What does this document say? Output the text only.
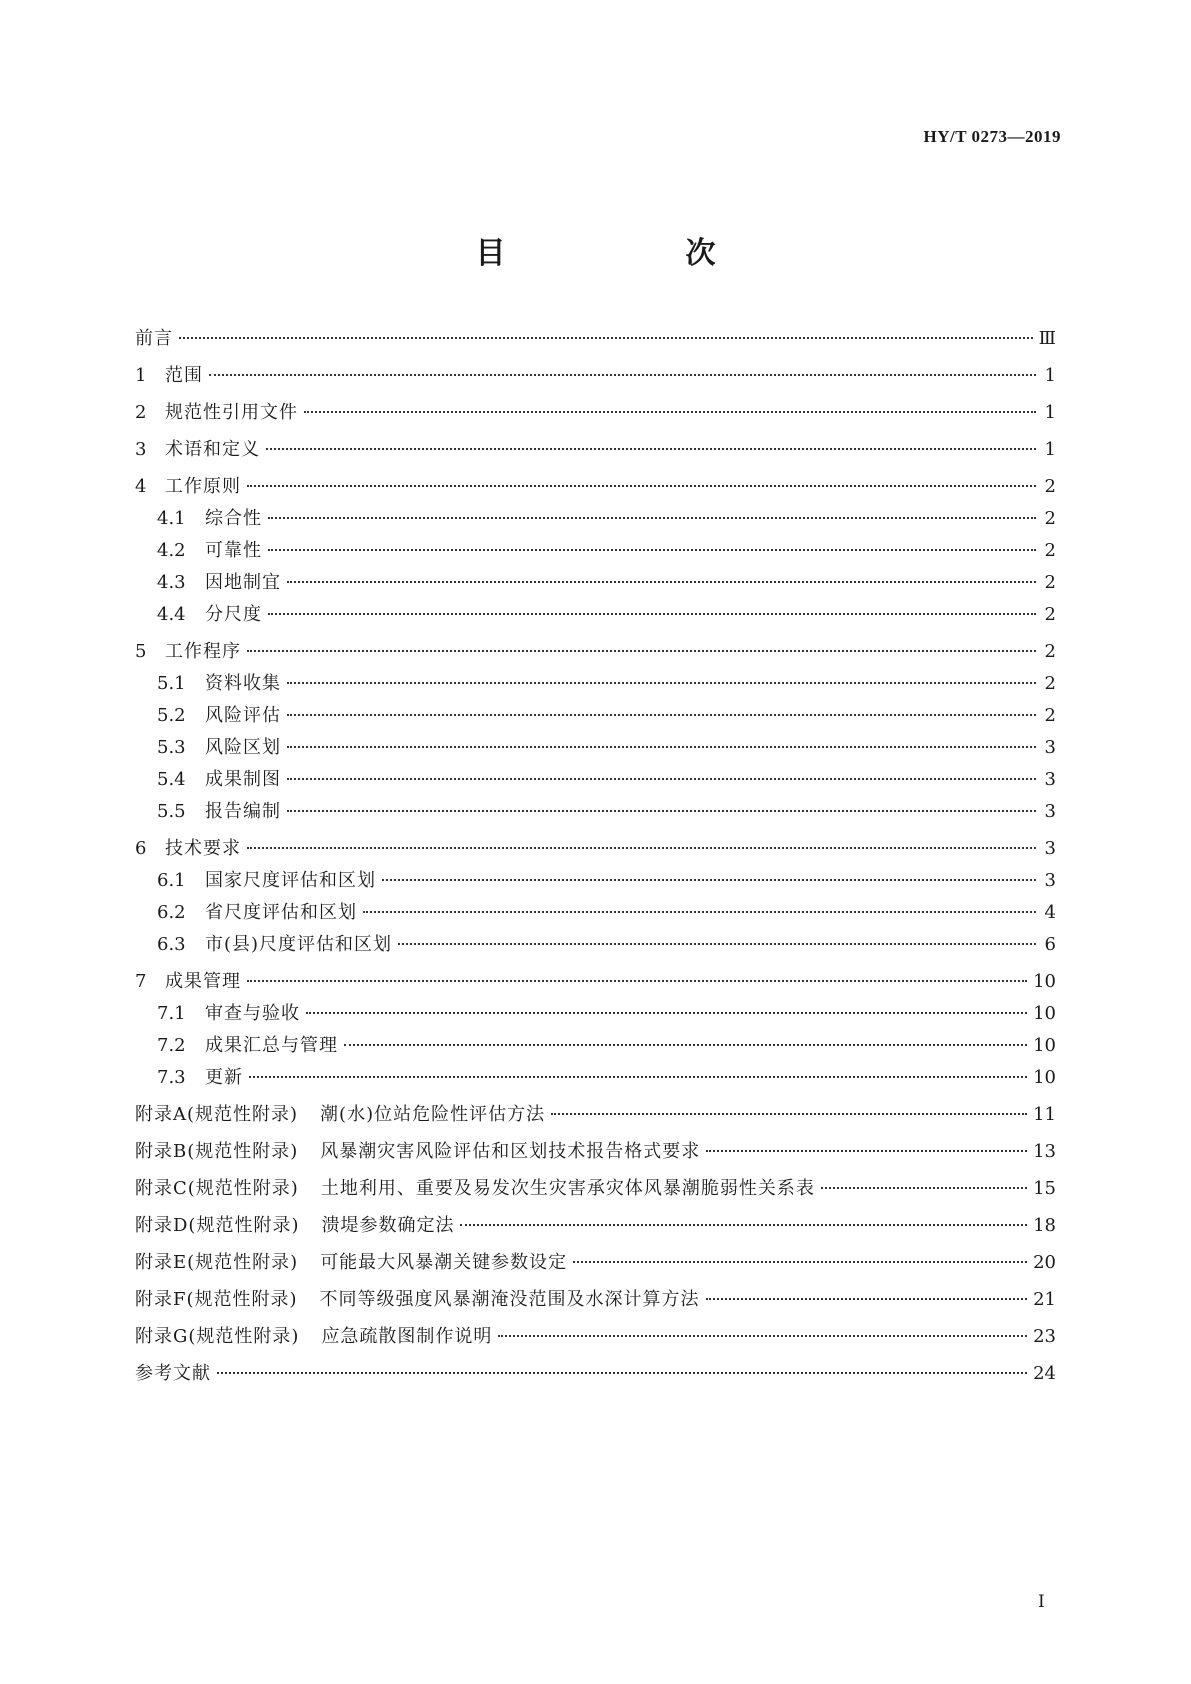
HY/T 0273—2019
目　　次
前言	Ⅲ
1	范围	1
2	规范性引用文件	1
3	术语和定义	1
4	工作原则	2
4.1	综合性	2
4.2	可靠性	2
4.3	因地制宜	2
4.4	分尺度	2
5	工作程序	2
5.1	资料收集	2
5.2	风险评估	2
5.3	风险区划	3
5.4	成果制图	3
5.5	报告编制	3
6	技术要求	3
6.1	国家尺度评估和区划	3
6.2	省尺度评估和区划	4
6.3	市(县)尺度评估和区划	6
7	成果管理	10
7.1	审查与验收	10
7.2	成果汇总与管理	10
7.3	更新	10
附录A(规范性附录) 潮(水)位站危险性评估方法	11
附录B(规范性附录) 风暴潮灾害风险评估和区划技术报告格式要求	13
附录C(规范性附录) 土地利用、重要及易发次生灾害承灾体风暴潮脆弱性关系表	15
附录D(规范性附录) 溃堤参数确定法	18
附录E(规范性附录) 可能最大风暴潮关键参数设定	20
附录F(规范性附录) 不同等级强度风暴潮淹没范围及水深计算方法	21
附录G(规范性附录) 应急疏散图制作说明	23
参考文献	24
I
